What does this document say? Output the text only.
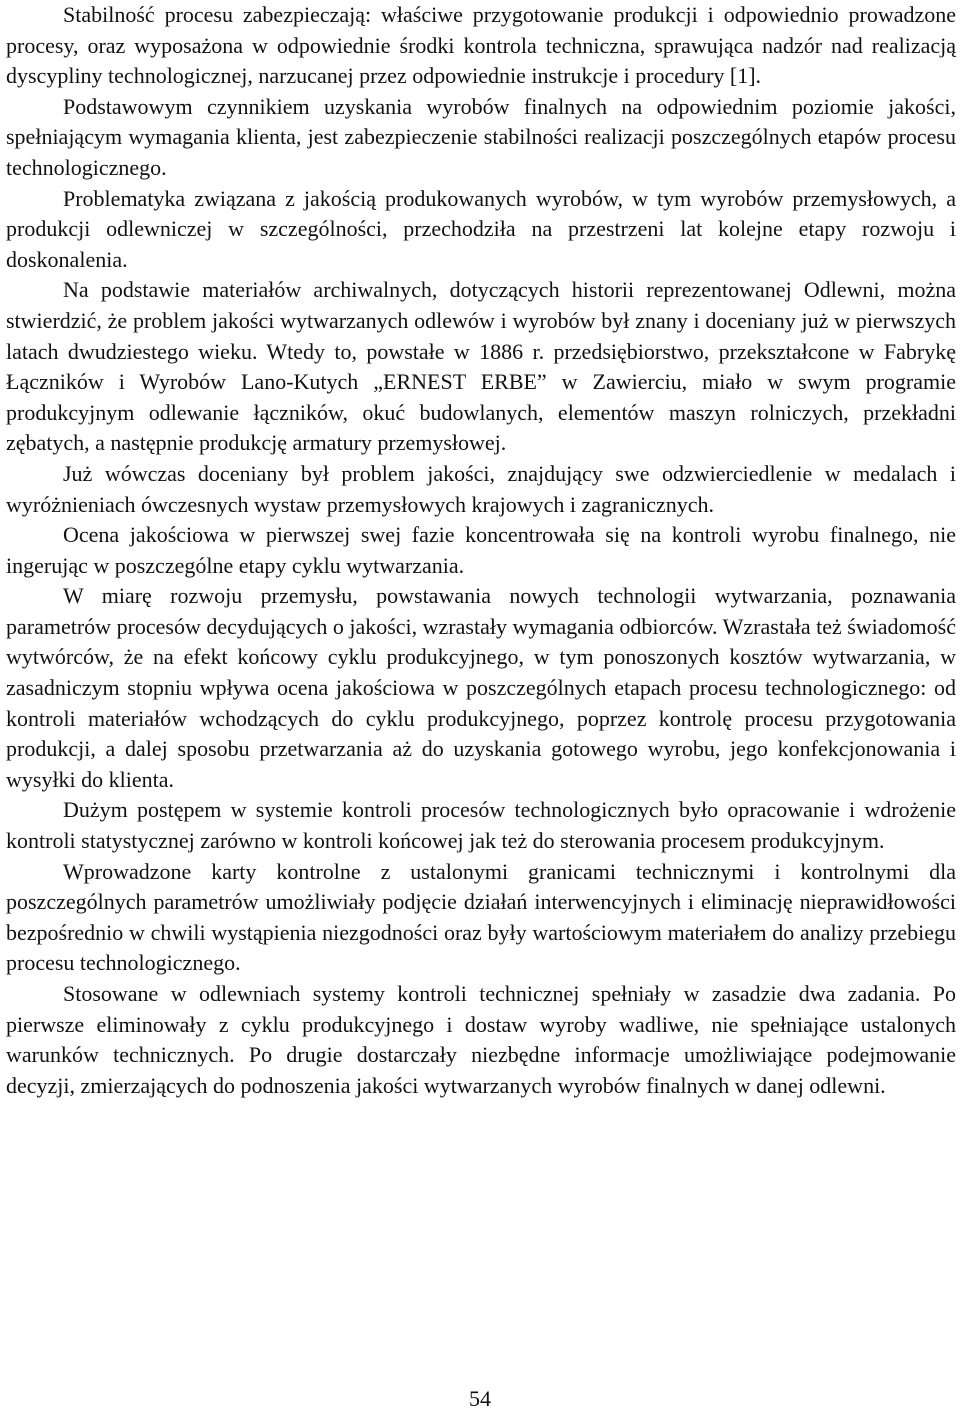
Stabilność procesu zabezpieczają: właściwe przygotowanie produkcji i odpowiednio prowadzone procesy, oraz wyposażona w odpowiednie środki kontrola techniczna, sprawująca nadzór nad realizacją dyscypliny technologicznej, narzucanej przez odpowiednie instrukcje i procedury [1].

Podstawowym czynnikiem uzyskania wyrobów finalnych na odpowiednim poziomie jakości, spełniającym wymagania klienta, jest zabezpieczenie stabilności realizacji poszczególnych etapów procesu technologicznego.

Problematyka związana z jakością produkowanych wyrobów, w tym wyrobów przemysłowych, a produkcji odlewniczej w szczególności, przechodziła na przestrzeni lat kolejne etapy rozwoju i doskonalenia.

Na podstawie materiałów archiwalnych, dotyczących historii reprezentowanej Odlewni, można stwierdzić, że problem jakości wytwarzanych odlewów i wyrobów był znany i doceniany już w pierwszych latach dwudziestego wieku. Wtedy to, powstałe w 1886 r. przedsiębiorstwo, przekształcone w Fabrykę Łączników i Wyrobów Lano-Kutych „ERNEST ERBE” w Zawierciu, miało w swym programie produkcyjnym odlewanie łączników, okuć budowlanych, elementów maszyn rolniczych, przekładni zębatych, a następnie produkcję armatury przemysłowej.

Już wówczas doceniany był problem jakości, znajdujący swe odzwierciedlenie w medalach i wyróżnieniach ówczesnych wystaw przemysłowych krajowych i zagranicznych.

Ocena jakościowa w pierwszej swej fazie koncentrowała się na kontroli wyrobu finalnego, nie ingerując w poszczególne etapy cyklu wytwarzania.

W miarę rozwoju przemysłu, powstawania nowych technologii wytwarzania, poznawania parametrów procesów decydujących o jakości, wzrastały wymagania odbiorców. Wzrastała też świadomość wytwórców, że na efekt końcowy cyklu produkcyjnego, w tym ponoszonych kosztów wytwarzania, w zasadniczym stopniu wpływa ocena jakościowa w poszczególnych etapach procesu technologicznego: od kontroli materiałów wchodzących do cyklu produkcyjnego, poprzez kontrolę procesu przygotowania produkcji, a dalej sposobu przetwarzania aż do uzyskania gotowego wyrobu, jego konfekcjonowania i wysyłki do klienta.

Dużym postępem w systemie kontroli procesów technologicznych było opracowanie i wdrożenie kontroli statystycznej zarówno w kontroli końcowej jak też do sterowania procesem produkcyjnym.

Wprowadzone karty kontrolne z ustalonymi granicami technicznymi i kontrolnymi dla poszczególnych parametrów umożliwiały podjęcie działań interwencyjnych i eliminację nieprawidłowości bezpośrednio w chwili wystąpienia niezgodności oraz były wartościowym materiałem do analizy przebiegu procesu technologicznego.

Stosowane w odlewniach systemy kontroli technicznej spełniały w zasadzie dwa zadania. Po pierwsze eliminowały z cyklu produkcyjnego i dostaw wyroby wadliwe, nie spełniające ustalonych warunków technicznych. Po drugie dostarczały niezbędne informacje umożliwiające podejmowanie decyzji, zmierzających do podnoszenia jakości wytwarzanych wyrobów finalnych w danej odlewni.

54
